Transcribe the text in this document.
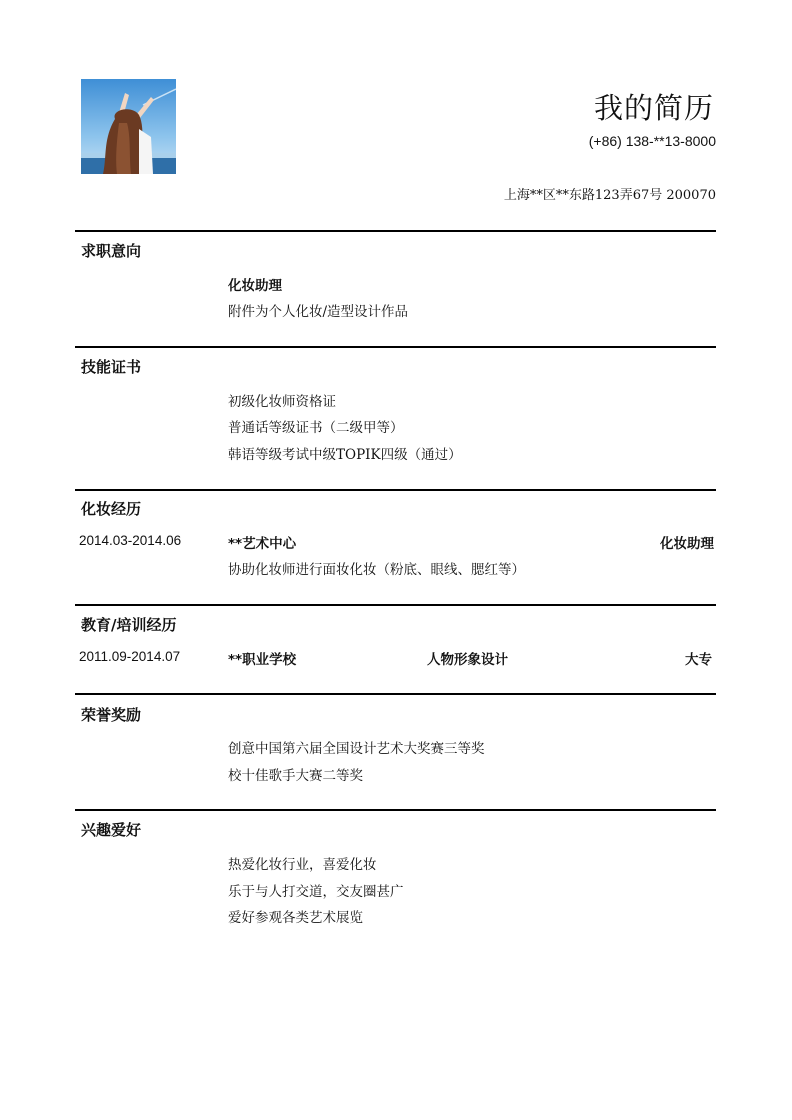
我的简历
(+86) 138-**13-8000
上海**区**东路123弄67号 200070
求职意向
化妆助理
附件为个人化妆/造型设计作品
技能证书
初级化妆师资格证
普通话等级证书（二级甲等）
韩语等级考试中级TOPIK四级（通过）
化妆经历
2014.03-2014.06	**艺术中心	化妆助理
协助化妆师进行面妆化妆（粉底、眼线、腮红等）
教育/培训经历
2011.09-2014.07	**职业学校	人物形象设计	大专
荣誉奖励
创意中国第六届全国设计艺术大奖赛三等奖
校十佳歌手大赛二等奖
兴趣爱好
热爱化妆行业，喜爱化妆
乐于与人打交道，交友圈甚广
爱好参观各类艺术展览
